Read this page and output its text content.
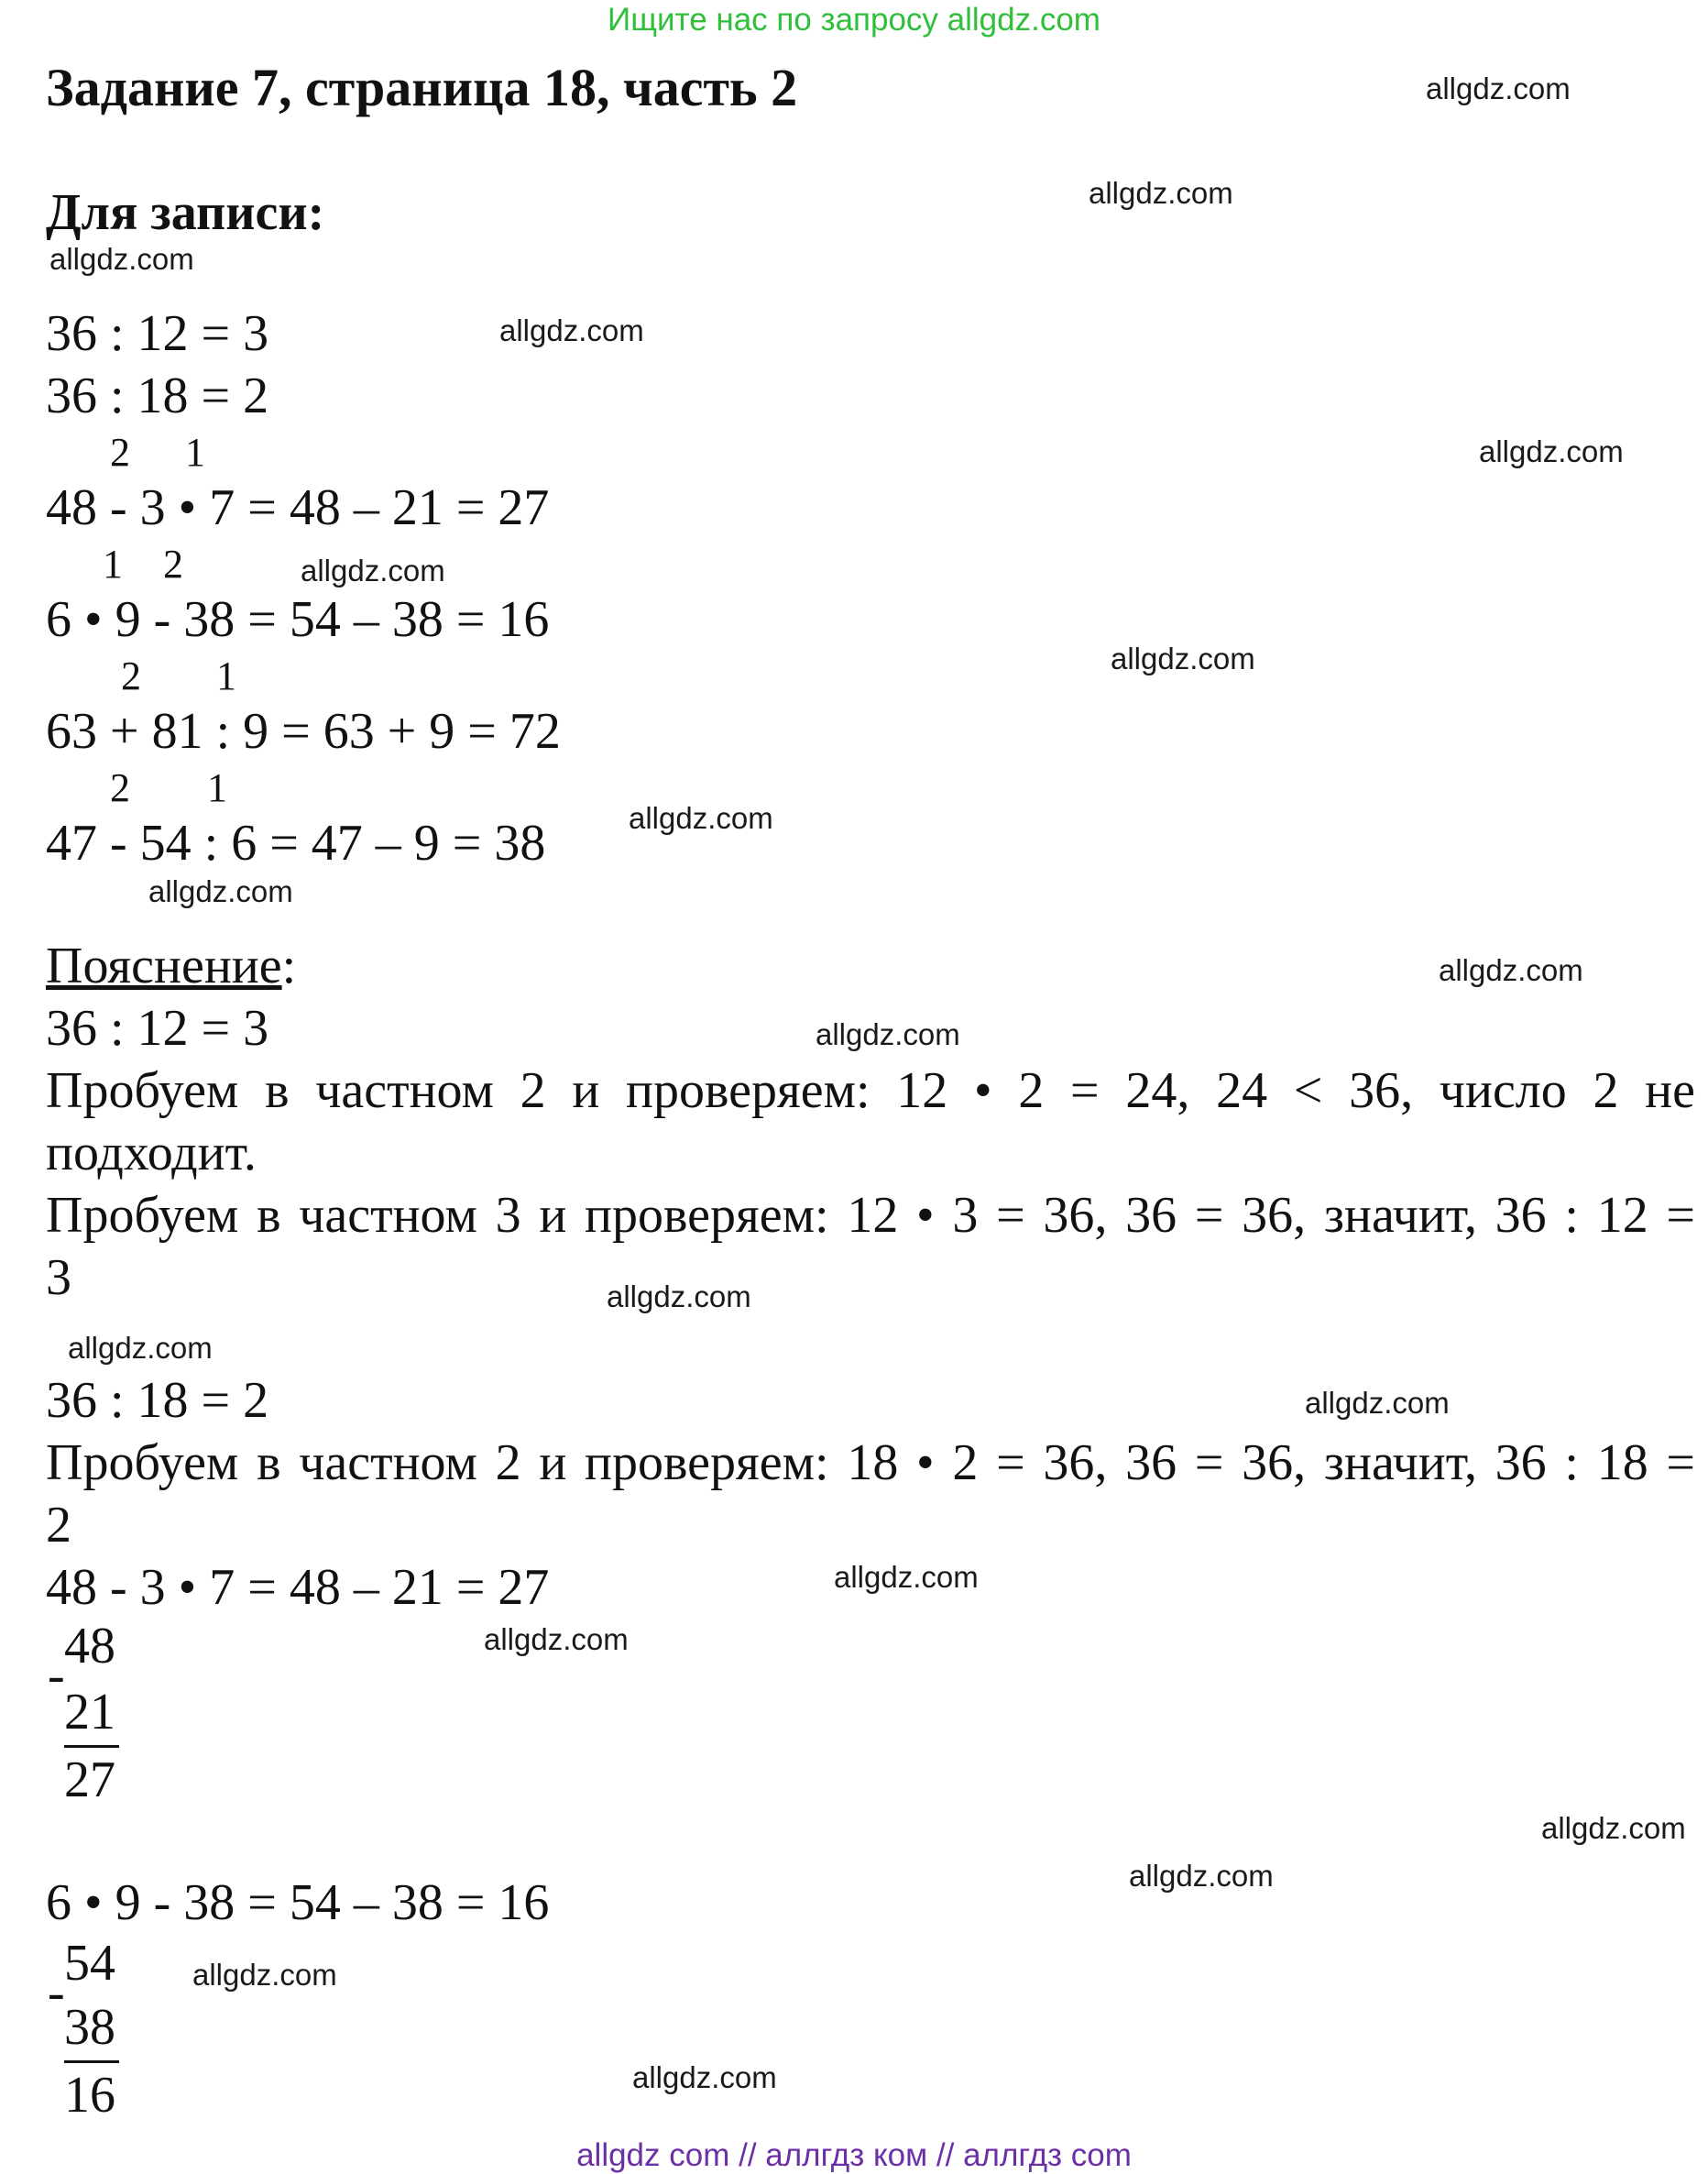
Ищите нас по запросу allgdz.com
Задание 7, страница 18, часть 2
Для записи:
36 : 12 = 3
36 : 18 = 2
2 1
48 - 3 • 7 = 48 – 21 = 27
1 2
6 • 9 - 38 = 54 – 38 = 16
2 1
63 + 81 : 9 = 63 + 9 = 72
2 1
47 - 54 : 6 = 47 – 9 = 38
Пояснение:
36 : 12 = 3
Пробуем в частном 2 и проверяем: 12 • 2 = 24, 24 < 36, число 2 не
подходит.
Пробуем в частном 3 и проверяем: 12 • 3 = 36, 36 = 36, значит, 36 : 12 =
3
36 : 18 = 2
Пробуем в частном 2 и проверяем: 18 • 2 = 36, 36 = 36, значит, 36 : 18 =
2
48 - 3 • 7 = 48 – 21 = 27
48
-
21
27
6 • 9 - 38 = 54 – 38 = 16
54
-
38
16
allgdz.com
allgdz.com
allgdz.com
allgdz.com
allgdz.com
allgdz.com
allgdz.com
allgdz.com
allgdz.com
allgdz.com
allgdz.com
allgdz.com
allgdz.com
allgdz.com
allgdz.com
allgdz.com
allgdz.com
allgdz.com
allgdz.com
allgdz.com
allgdz com // аллгдз ком // аллгдз com
